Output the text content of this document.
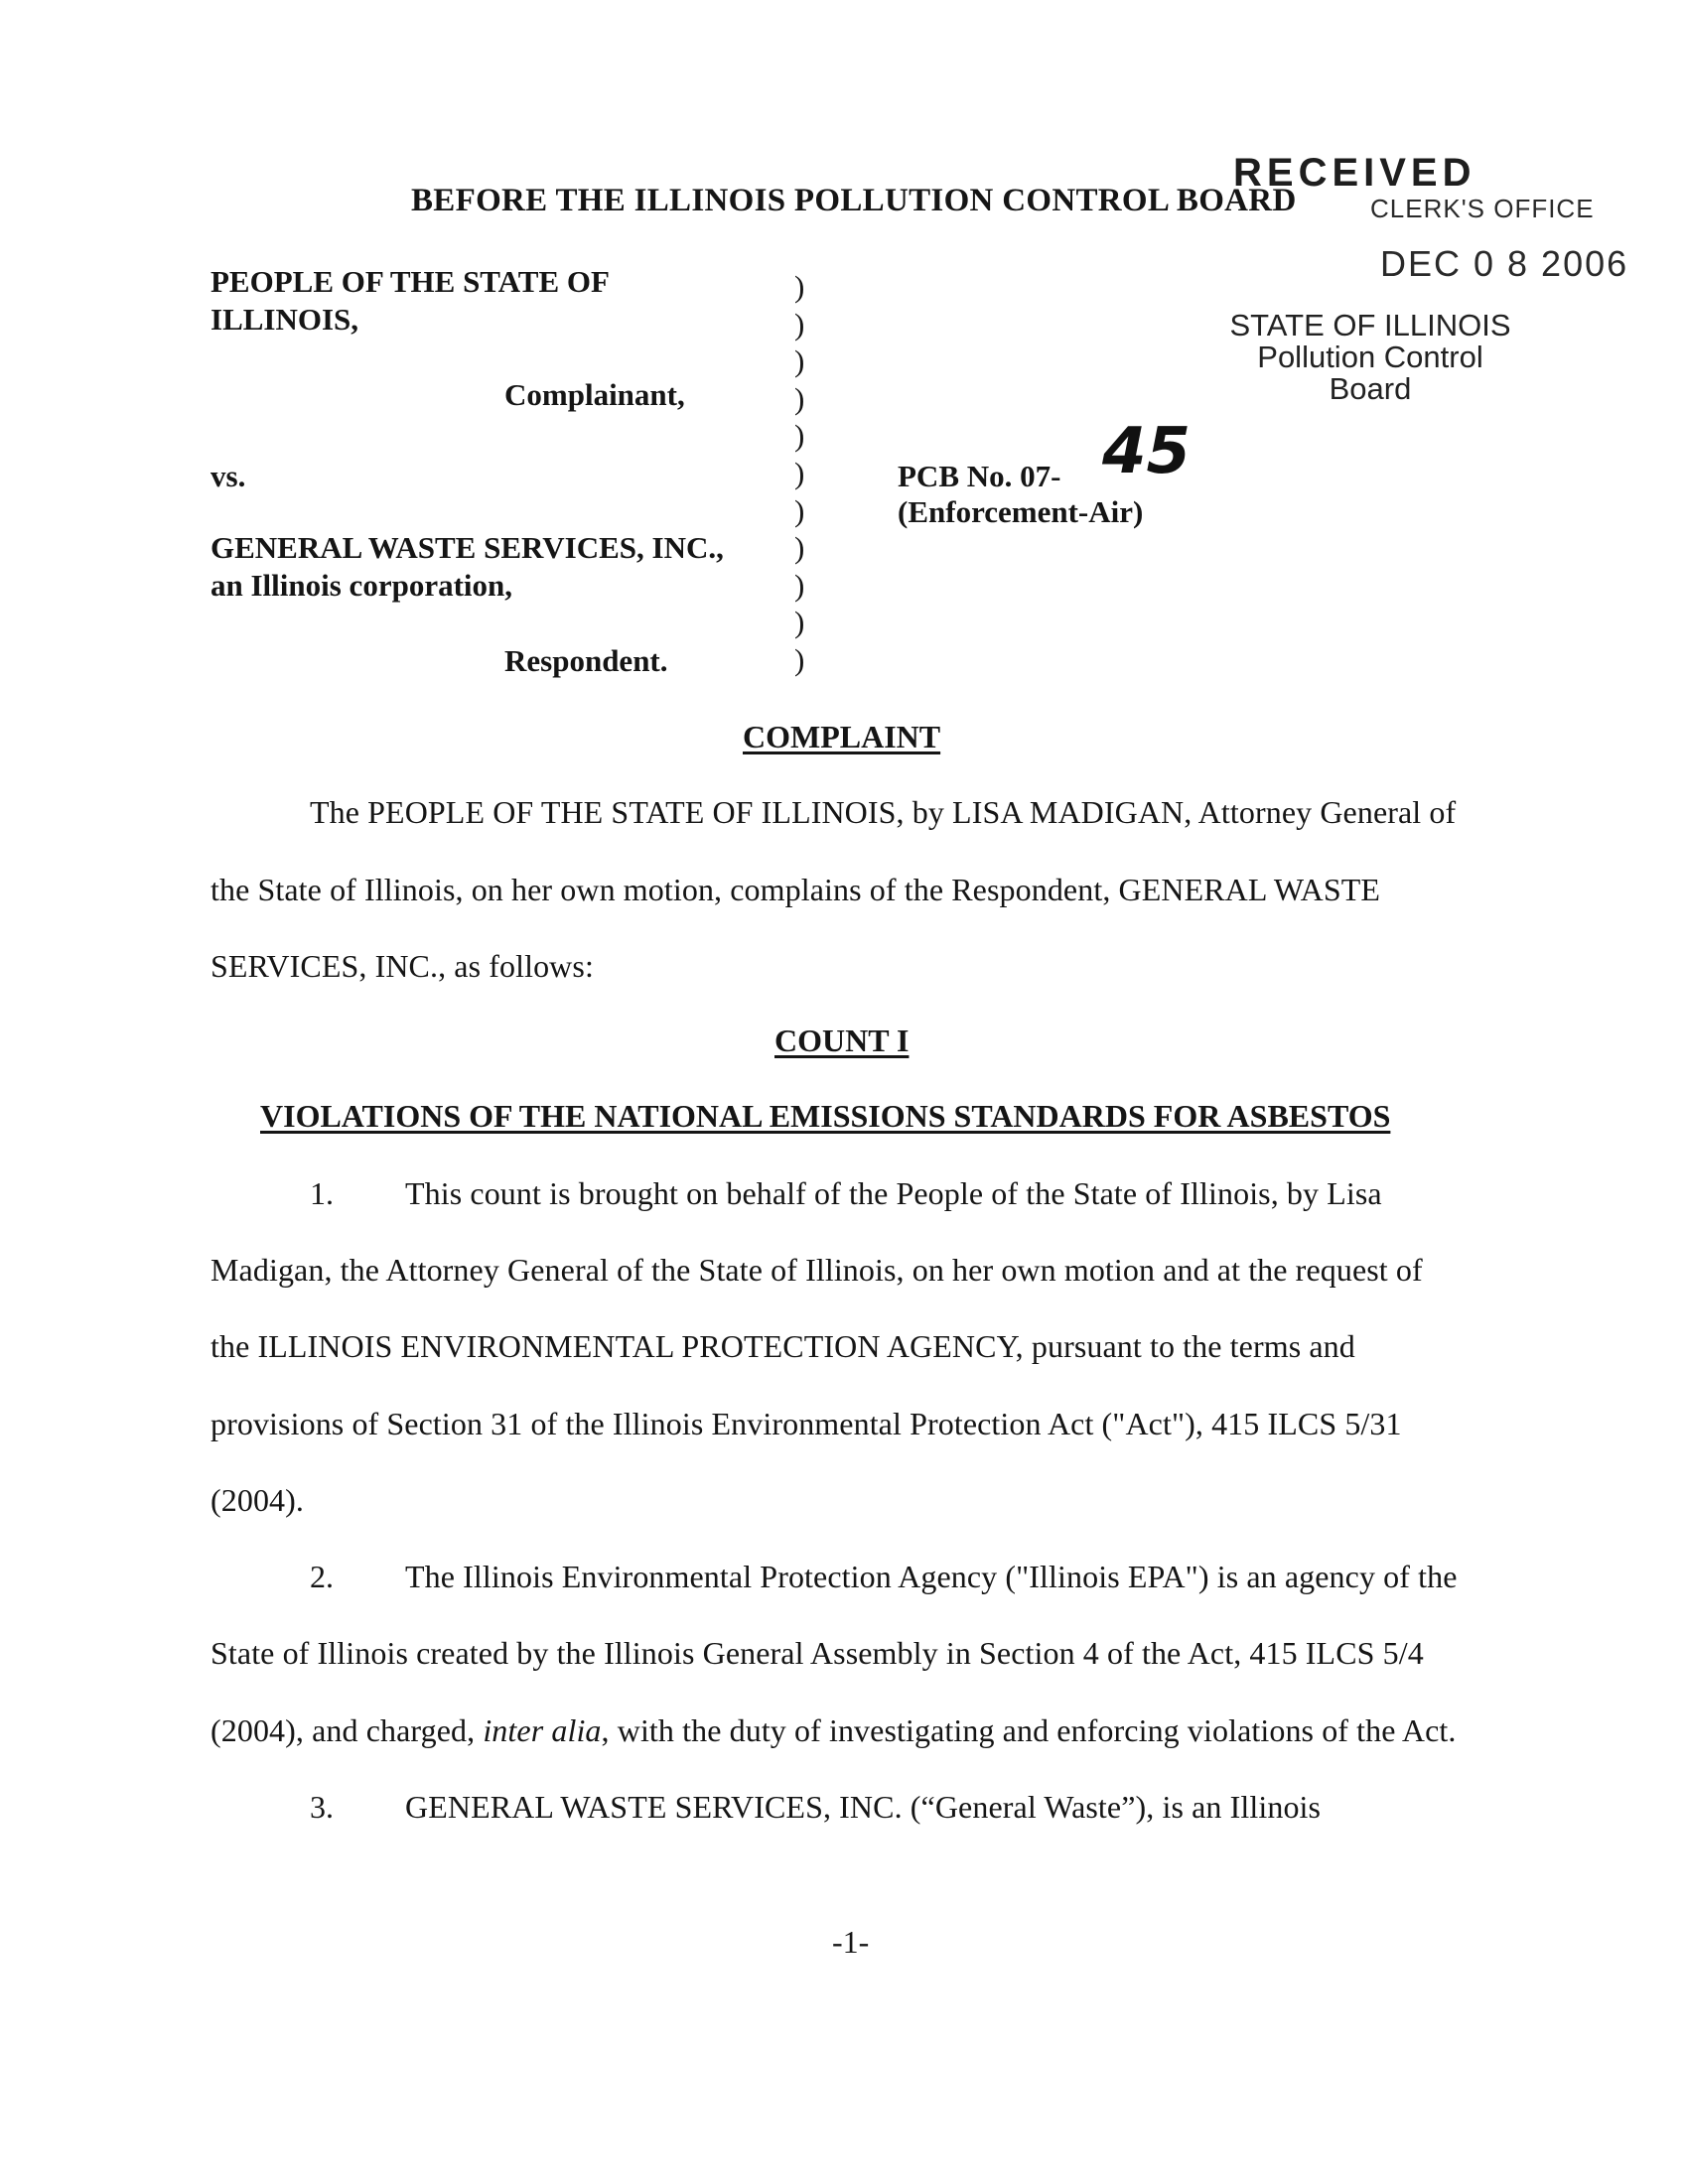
RECEIVED
CLERK'S OFFICE
DEC 0 8 2006
STATE OF ILLINOIS
Pollution Control Board
BEFORE THE ILLINOIS POLLUTION CONTROL BOARD
PEOPLE OF THE STATE OF
ILLINOIS,
Complainant,
vs.
GENERAL WASTE SERVICES, INC.,
an Illinois corporation,
Respondent.
)
)
)
)
)
)
)
)
)
)
)
PCB No. 07- 45
(Enforcement-Air)
COMPLAINT
The PEOPLE OF THE STATE OF ILLINOIS, by LISA MADIGAN, Attorney General of
the State of Illinois, on her own motion, complains of the Respondent, GENERAL WASTE
SERVICES, INC., as follows:
COUNT I
VIOLATIONS OF THE NATIONAL EMISSIONS STANDARDS FOR ASBESTOS
1. This count is brought on behalf of the People of the State of Illinois, by Lisa
Madigan, the Attorney General of the State of Illinois, on her own motion and at the request of
the ILLINOIS ENVIRONMENTAL PROTECTION AGENCY, pursuant to the terms and
provisions of Section 31 of the Illinois Environmental Protection Act ("Act"), 415 ILCS 5/31
(2004).
2. The Illinois Environmental Protection Agency ("Illinois EPA") is an agency of the
State of Illinois created by the Illinois General Assembly in Section 4 of the Act, 415 ILCS 5/4
(2004), and charged, inter alia, with the duty of investigating and enforcing violations of the Act.
3. GENERAL WASTE SERVICES, INC. (“General Waste”), is an Illinois
-1-
